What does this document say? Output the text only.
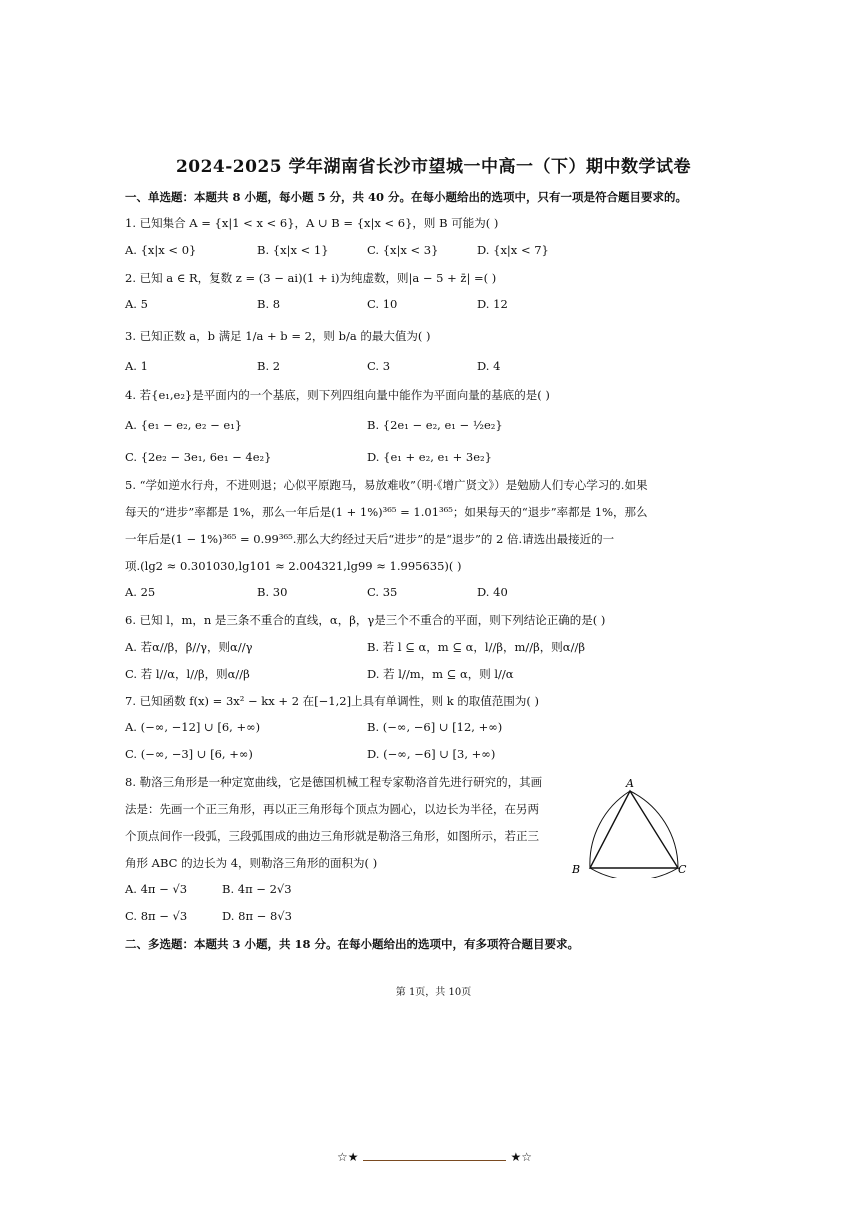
2024-2025 学年湖南省长沙市望城一中高一（下）期中数学试卷
一、单选题：本题共 8 小题，每小题 5 分，共 40 分。在每小题给出的选项中，只有一项是符合题目要求的。
1. 已知集合 A = {x|1 < x < 6}，A ∪ B = {x|x < 6}，则 B 可能为( )
A. {x|x < 0}	B. {x|x < 1}	C. {x|x < 3}	D. {x|x < 7}
2. 已知 a ∈ R，复数 z = (3 − ai)(1 + i)为纯虚数，则|a − 5 + z̄| =( )
A. 5	B. 8	C. 10	D. 12
3. 已知正数 a，b 满足 1/a + b = 2，则 b/a 的最大值为( )
A. 1	B. 2	C. 3	D. 4
4. 若{e₁,e₂}是平面内的一个基底，则下列四组向量中能作为平面向量的基底的是( )
A. {e₁ − e₂, e₂ − e₁}	B. {2e₁ − e₂, e₁ − ½e₂}
C. {2e₂ − 3e₁, 6e₁ − 4e₂}	D. {e₁ + e₂, e₁ + 3e₂}
5. “学如逆水行舟，不进则退；心似平原跑马，易放难收”（明·《增广贤文》）是勉励人们专心学习的.如果
每天的“进步”率都是 1%，那么一年后是(1 + 1%)³⁶⁵ = 1.01³⁶⁵；如果每天的“退步”率都是 1%，那么
一年后是(1 − 1%)³⁶⁵ = 0.99³⁶⁵.那么大约经过天后“进步”的是“退步”的 2 倍.请选出最接近的一
项.(lg2 ≈ 0.301030,lg101 ≈ 2.004321,lg99 ≈ 1.995635)( )
A. 25	B. 30	C. 35	D. 40
6. 已知 l，m，n 是三条不重合的直线，α，β，γ是三个不重合的平面，则下列结论正确的是( )
A. 若α//β，β//γ，则α//γ	B. 若 l ⊆ α，m ⊆ α，l//β，m//β，则α//β
C. 若 l//α，l//β，则α//β	D. 若 l//m，m ⊆ α，则 l//α
7. 已知函数 f(x) = 3x² − kx + 2 在[−1,2]上具有单调性，则 k 的取值范围为( )
A. (−∞, −12] ∪ [6, +∞)	B. (−∞, −6] ∪ [12, +∞)
C. (−∞, −3] ∪ [6, +∞)	D. (−∞, −6] ∪ [3, +∞)
8. 勒洛三角形是一种定宽曲线，它是德国机械工程专家勒洛首先进行研究的，其画
法是：先画一个正三角形，再以正三角形每个顶点为圆心，以边长为半径，在另两
个顶点间作一段弧，三段弧围成的曲边三角形就是勒洛三角形，如图所示，若正三
角形 ABC 的边长为 4，则勒洛三角形的面积为( )
A. 4π − √3	B. 4π − 2√3
C. 8π − √3	D. 8π − 8√3
A
B	C
二、多选题：本题共 3 小题，共 18 分。在每小题给出的选项中，有多项符合题目要求。
第 1页，共 10页
☆★	★☆
